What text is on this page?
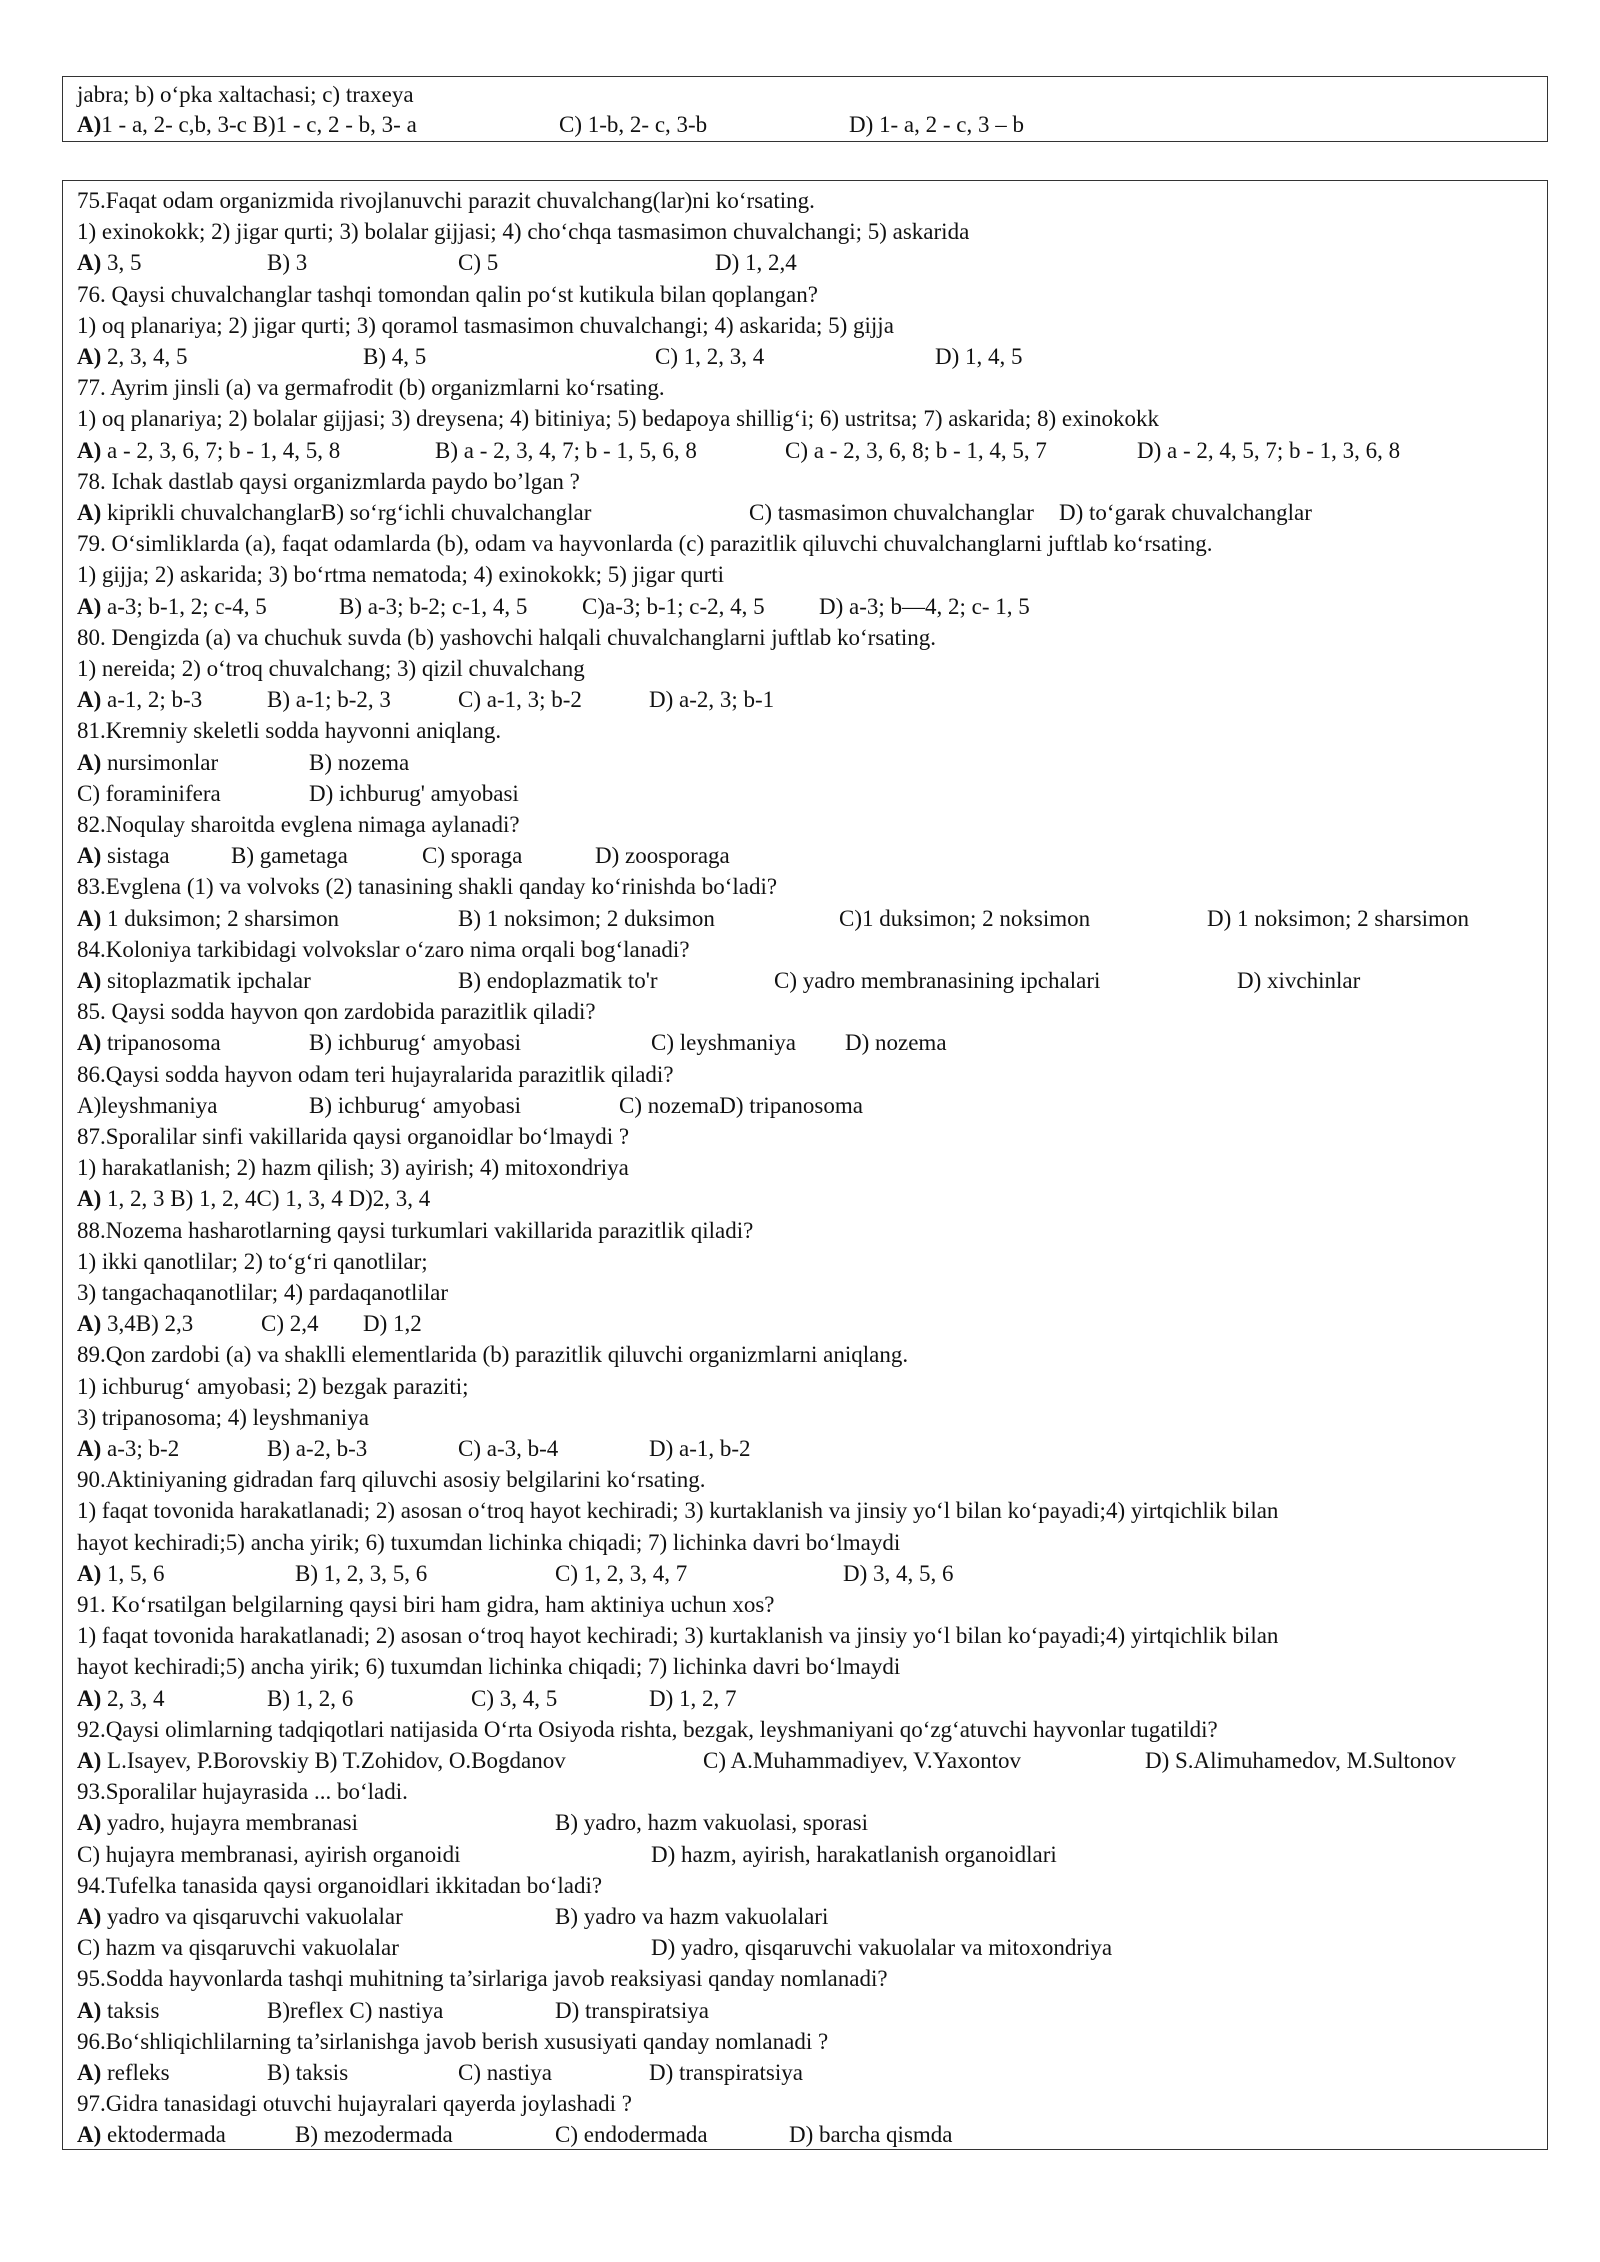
jabra; b) o‘pka xaltachasi; c) traxeya
A)1 - a, 2- c,b, 3-c B)1 - c, 2 - b, 3- a	C) 1-b, 2- c, 3-b	D) 1- a, 2 - c, 3 – b
75.Faqat odam organizmida rivojlanuvchi parazit chuvalchang(lar)ni ko‘rsating.
1) exinokokk; 2) jigar qurti; 3) bolalar gijjasi; 4) cho‘chqa tasmasimon chuvalchangi; 5) askarida
A) 3, 5	B) 3	C) 5	D) 1, 2,4
76. Qaysi chuvalchanglar tashqi tomondan qalin po‘st kutikula bilan qoplangan?
1) oq planariya; 2) jigar qurti; 3) qoramol tasmasimon chuvalchangi; 4) askarida; 5) gijja
A) 2, 3, 4, 5	B) 4, 5	C) 1, 2, 3, 4	D) 1, 4, 5
77. Ayrim jinsli (a) va germafrodit (b) organizmlarni ko‘rsating.
1) oq planariya; 2) bolalar gijjasi; 3) dreysena; 4) bitiniya; 5) bedapoya shillig‘i; 6) ustritsa; 7) askarida; 8) exinokokk
A) a - 2, 3, 6, 7; b - 1, 4, 5, 8	B) a - 2, 3, 4, 7; b - 1, 5, 6, 8	C) a - 2, 3, 6, 8; b - 1, 4, 5, 7	D) a - 2, 4, 5, 7; b - 1, 3, 6, 8
78. Ichak dastlab qaysi organizmlarda paydo bo’lgan ?
A) kiprikli chuvalchanglarB) so‘rg‘ichli chuvalchanglar	C) tasmasimon chuvalchanglar D) to‘garak chuvalchanglar
79. O‘simliklarda (a), faqat odamlarda (b), odam va hayvonlarda (c) parazitlik qiluvchi chuvalchanglarni juftlab ko‘rsating.
1) gijja; 2) askarida; 3) bo‘rtma nematoda; 4) exinokokk; 5) jigar qurti
A) a-3; b-1, 2; c-4, 5	B) a-3; b-2; c-1, 4, 5 C)a-3; b-1; c-2, 4, 5 D) a-3; b—4, 2; c- 1, 5
80. Dengizda (a) va chuchuk suvda (b) yashovchi halqali chuvalchanglarni juftlab ko‘rsating.
1) nereida; 2) o‘troq chuvalchang; 3) qizil chuvalchang
A) a-1, 2; b-3	B) a-1; b-2, 3	C) a-1, 3; b-2	D) a-2, 3; b-1
81.Kremniy skeletli sodda hayvonni aniqlang.
A) nursimonlar	B) nozema
C) foraminifera	D) ichburug' amyobasi
82.Noqulay sharoitda evglena nimaga aylanadi?
A) sistaga	B) gametaga	C) sporaga	D) zoosporaga
83.Evglena (1) va volvoks (2) tanasining shakli qanday ko‘rinishda bo‘ladi?
A) 1 duksimon; 2 sharsimon	B) 1 noksimon; 2 duksimon	C)1 duksimon; 2 noksimon	D) 1 noksimon; 2 sharsimon
84.Koloniya tarkibidagi volvokslar o‘zaro nima orqali bog‘lanadi?
A) sitoplazmatik ipchalar	B) endoplazmatik to'r	C) yadro membranasining ipchalari	D) xivchinlar
85. Qaysi sodda hayvon qon zardobida parazitlik qiladi?
A) tripanosoma	B) ichburug‘ amyobasi	C) leyshmaniya D) nozema
86.Qaysi sodda hayvon odam teri hujayralarida parazitlik qiladi?
A)leyshmaniya	B) ichburug‘ amyobasi	C) nozemaD) tripanosoma
87.Sporalilar sinfi vakillarida qaysi organoidlar bo‘lmaydi ?
1) harakatlanish; 2) hazm qilish; 3) ayirish; 4) mitoxondriya
A) 1, 2, 3 B) 1, 2, 4C) 1, 3, 4 D)2, 3, 4
88.Nozema hasharotlarning qaysi turkumlari vakillarida parazitlik qiladi?
1) ikki qanotlilar; 2) to‘g‘ri qanotlilar;
3) tangachaqanotlilar; 4) pardaqanotlilar
A) 3,4B) 2,3	C) 2,4 D) 1,2
89.Qon zardobi (a) va shaklli elementlarida (b) parazitlik qiluvchi organizmlarni aniqlang.
1) ichburug‘ amyobasi; 2) bezgak paraziti;
3) tripanosoma; 4) leyshmaniya
A) a-3; b-2	B) a-2, b-3	C) a-3, b-4	D) a-1, b-2
90.Aktiniyaning gidradan farq qiluvchi asosiy belgilarini ko‘rsating.
1) faqat tovonida harakatlanadi; 2) asosan o‘troq hayot kechiradi; 3) kurtaklanish va jinsiy yo‘l bilan ko‘payadi;4) yirtqichlik bilan
hayot kechiradi;5) ancha yirik; 6) tuxumdan lichinka chiqadi; 7) lichinka davri bo‘lmaydi
A) 1, 5, 6	B) 1, 2, 3, 5, 6	C) 1, 2, 3, 4, 7	D) 3, 4, 5, 6
91. Ko‘rsatilgan belgilarning qaysi biri ham gidra, ham aktiniya uchun xos?
1) faqat tovonida harakatlanadi; 2) asosan o‘troq hayot kechiradi; 3) kurtaklanish va jinsiy yo‘l bilan ko‘payadi;4) yirtqichlik bilan
hayot kechiradi;5) ancha yirik; 6) tuxumdan lichinka chiqadi; 7) lichinka davri bo‘lmaydi
A) 2, 3, 4	B) 1, 2, 6	C) 3, 4, 5	D) 1, 2, 7
92.Qaysi olimlarning tadqiqotlari natijasida O‘rta Osiyoda rishta, bezgak, leyshmaniyani qo‘zg‘atuvchi hayvonlar tugatildi?
A) L.Isayev, P.Borovskiy B) T.Zohidov, O.Bogdanov	C) A.Muhammadiyev, V.Yaxontov	D) S.Alimuhamedov, M.Sultonov
93.Sporalilar hujayrasida ... bo‘ladi.
A) yadro, hujayra membranasi	B) yadro, hazm vakuolasi, sporasi
C) hujayra membranasi, ayirish organoidi	D) hazm, ayirish, harakatlanish organoidlari
94.Tufelka tanasida qaysi organoidlari ikkitadan bo‘ladi?
A) yadro va qisqaruvchi vakuolalar	B) yadro va hazm vakuolalari
C) hazm va qisqaruvchi vakuolalar	D) yadro, qisqaruvchi vakuolalar va mitoxondriya
95.Sodda hayvonlarda tashqi muhitning ta’sirlariga javob reaksiyasi qanday nomlanadi?
A) taksis	B)reflex C) nastiya	D) transpiratsiya
96.Bo‘shliqichlilarning ta’sirlanishga javob berish xususiyati qanday nomlanadi ?
A) refleks	B) taksis	C) nastiya	D) transpiratsiya
97.Gidra tanasidagi otuvchi hujayralari qayerda joylashadi ?
A) ektodermada	B) mezodermada	C) endodermada	D) barcha qismda
